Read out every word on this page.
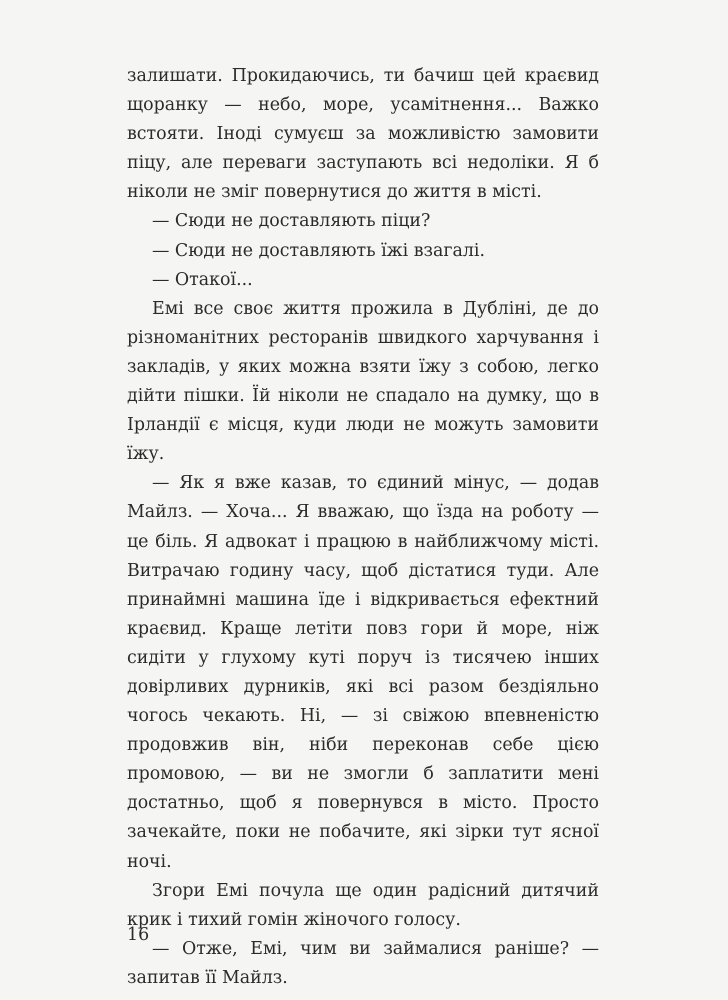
залишати. Прокидаючись, ти бачиш цей краєвид щоранку — небо, море, усамітнення... Важко встояти. Іноді сумуєш за можливістю замовити піцу, але переваги заступають всі недоліки. Я б ніколи не зміг повернутися до життя в місті.

— Сюди не доставляють піци?

— Сюди не доставляють їжі взагалі.

— Отакої...

Емі все своє життя прожила в Дубліні, де до різноманітних ресторанів швидкого харчування і закладів, у яких можна взяти їжу з собою, легко дійти пішки. Їй ніколи не спадало на думку, що в Ірландії є місця, куди люди не можуть замовити їжу.

— Як я вже казав, то єдиний мінус, — додав Майлз. — Хоча... Я вважаю, що їзда на роботу — це біль. Я адвокат і працюю в найближчому місті. Витрачаю годину часу, щоб дістатися туди. Але принаймні машина їде і відкривається ефектний краєвид. Краще летіти повз гори й море, ніж сидіти у глухому куті поруч із тисячею інших довірливих дурників, які всі разом бездіяльно чогось чекають. Ні, — зі свіжою впевненістю продовжив він, ніби переконав себе цією промовою, — ви не змогли б заплатити мені достатньо, щоб я повернувся в місто. Просто зачекайте, поки не побачите, які зірки тут ясної ночі.

Згори Емі почула ще один радісний дитячий крик і тихий гомін жіночого голосу.

— Отже, Емі, чим ви займалися раніше? — запитав її Майлз.

16
